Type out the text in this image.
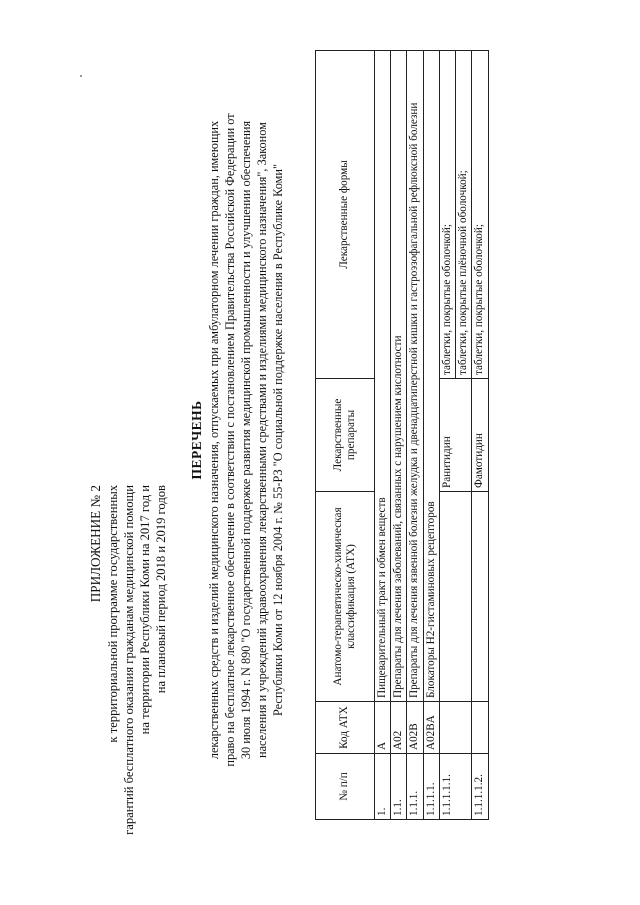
ПРИЛОЖЕНИЕ № 2 к территориальной программе государственных гарантий бесплатного оказания гражданам медицинской помощи на территории Республики Коми на 2017 год и на плановый период 2018 и 2019 годов
ПЕРЕЧЕНЬ лекарственных средств и изделий медицинского назначения, отпускаемых при амбулаторном лечении граждан, имеющих право на бесплатное лекарственное обеспечение в соответствии с постановлением Правительства Российской Федерации от 30 июля 1994 г. N 890 "О государственной поддержке развития медицинской промышленности и улучшении обеспечения населения и учреждений здравоохранения лекарственными средствами и изделиями медицинского назначения", Законом Республики Коми от 12 ноября 2004 г. № 55-РЗ "О социальной поддержке населения в Республике Коми"
№ п/п	Код АТХ	Анатомо-терапевтическо-химическая классификация (АТХ)	Лекарственные препараты	Лекарственные формы
1.	A	Пищеварительный тракт и обмен веществ		
1.1.	A02	Препараты для лечения заболеваний, связанных с нарушением кислотности		
1.1.1.	A02B	Препараты для лечения язвенной болезни желудка и двенадцатиперстной кишки и гастроэзофагальной рефлюксной болезни		
1.1.1.1.	A02BA	Блокаторы Н2-гистаминовых рецепторов		
1.1.1.1.1.			Ранитидин	таблетки, покрытые оболочкой;
				таблетки, покрытые плёночной оболочкой;
1.1.1.1.2.			Фамотидин	таблетки, покрытые оболочкой;
